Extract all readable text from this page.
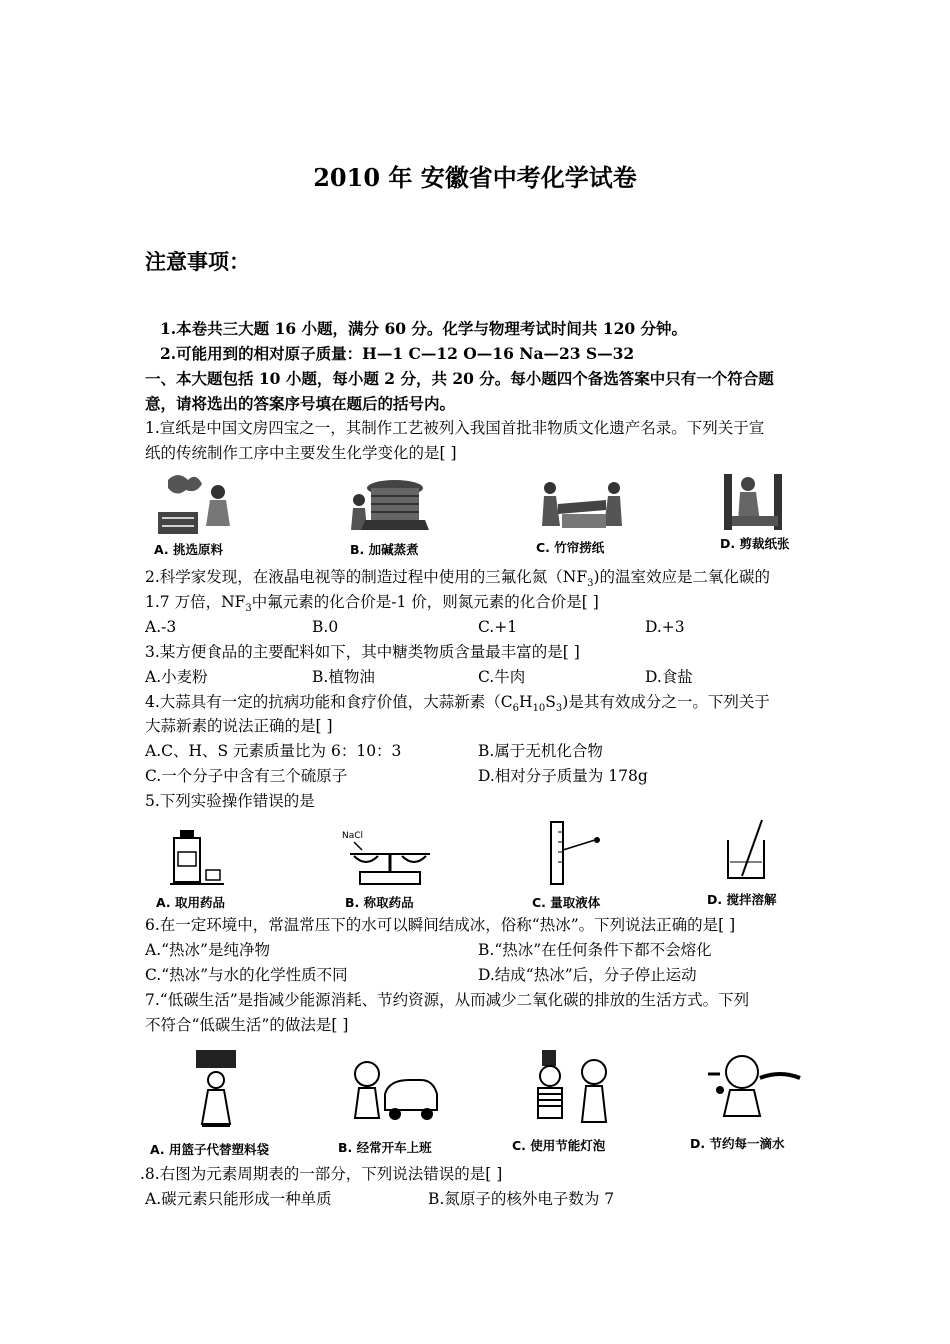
2010 年 安徽省中考化学试卷
注意事项：
1.本卷共三大题 16 小题，满分 60 分。化学与物理考试时间共 120 分钟。
2.可能用到的相对原子质量：H—1 C—12 O—16 Na—23 S—32
一、本大题包括 10 小题，每小题 2 分，共 20 分。每小题四个备选答案中只有一个符合题
意，请将选出的答案序号填在题后的括号内。
1.宣纸是中国文房四宝之一，其制作工艺被列入我国首批非物质文化遗产名录。下列关于宣
纸的传统制作工序中主要发生化学变化的是[ ]
A. 挑选原料	B. 加碱蒸煮	C. 竹帘捞纸	D. 剪裁纸张
2.科学家发现，在液晶电视等的制造过程中使用的三氟化氮$(NF_3)$的温室效应是二氧化碳的
1.7 万倍，$NF_3$中氟元素的化合价是-1 价，则氮元素的化合价是[ ]
A.-3	B.0	C.+1	D.+3
3.某方便食品的主要配料如下，其中糖类物质含量最丰富的是[ ]
A.小麦粉	B.植物油	C.牛肉	D.食盐
4.大蒜具有一定的抗病功能和食疗价值，大蒜新素$(C_6H_{10}S_3)$是其有效成分之一。下列关于
大蒜新素的说法正确的是[ ]
A.C、H、S 元素质量比为 6：10：3	B.属于无机化合物
C.一个分子中含有三个硫原子	D.相对分子质量为 178g
5.下列实验操作错误的是
A. 取用药品
NaCl
B. 称取药品	C. 量取液体	D. 搅拌溶解
6.在一定环境中，常温常压下的水可以瞬间结成冰，俗称“热冰”。下列说法正确的是[ ]
A.“热冰”是纯净物	B.“热冰”在任何条件下都不会熔化
C.“热冰”与水的化学性质不同	D.结成“热冰”后，分子停止运动
7.“低碳生活”是指减少能源消耗、节约资源，从而减少二氧化碳的排放的生活方式。下列
不符合“低碳生活”的做法是[ ]
A. 用篮子代替塑料袋	B. 经常开车上班	C. 使用节能灯泡	D. 节约每一滴水
.8.右图为元素周期表的一部分，下列说法错误的是[ ]
A.碳元素只能形成一种单质	B.氮原子的核外电子数为 7
